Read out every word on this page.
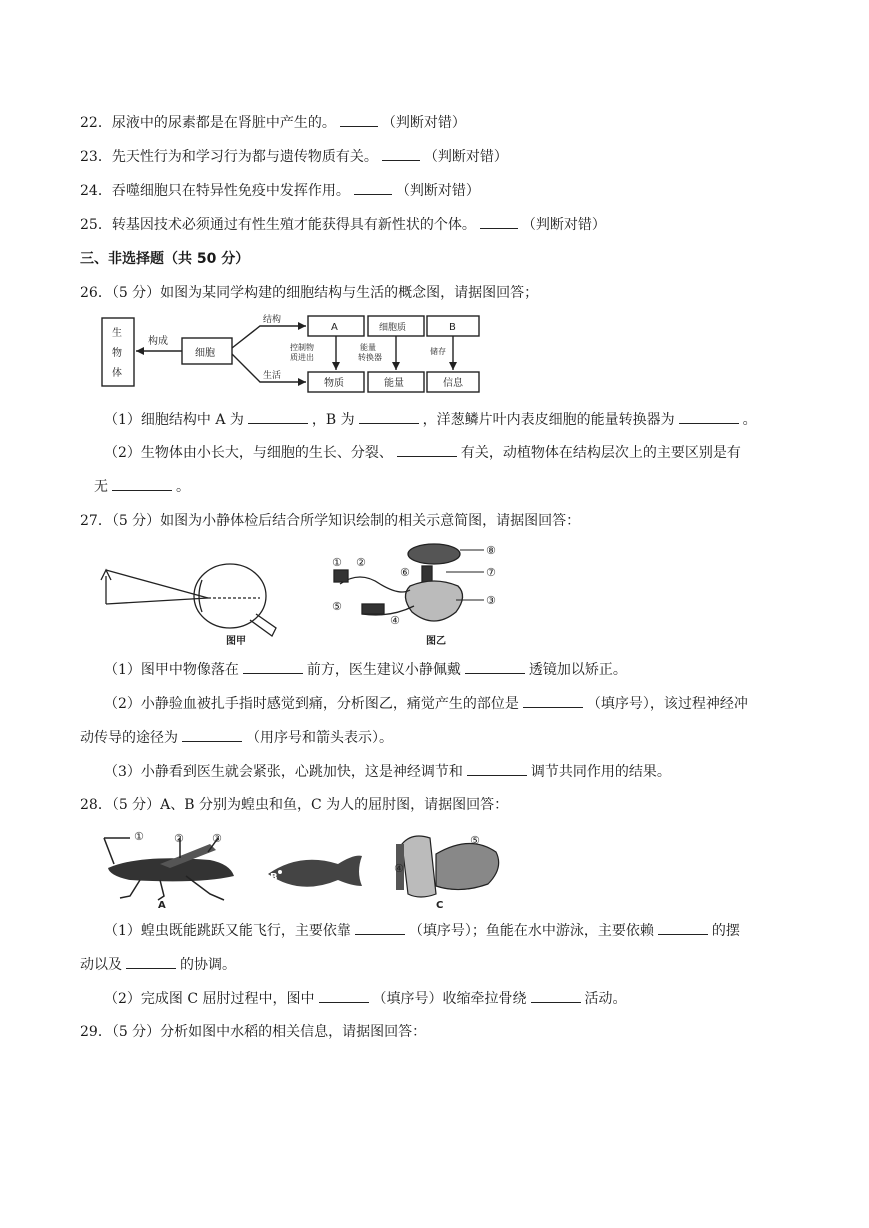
22．尿液中的尿素都是在肾脏中产生的。	（判断对错）
23．先天性行为和学习行为都与遗传物质有关。	（判断对错）
24．吞噬细胞只在特异性免疫中发挥作用。	（判断对错）
25．转基因技术必须通过有性生殖才能获得具有新性状的个体。	（判断对错）
三、非选择题（共 50 分）
26．（5 分）如图为某同学构建的细胞结构与生活的概念图，请据图回答；
生
物
体
构成
细胞
结构
生活
A	细胞质	B
控制物
质进出
能量
转换器
储存
物质	能量	信息
（1）细胞结构中 A 为	，B 为	，洋葱鳞片叶内表皮细胞的能量转换器为	。
（2）生物体由小长大，与细胞的生长、分裂、	有关，动植物体在结构层次上的主要区别是有
无	。
27．（5 分）如图为小静体检后结合所学知识绘制的相关示意简图，请据图回答：
图甲
① ②
③
④
⑤
⑥	⑦
⑧
图乙
（1）图甲中物像落在	前方，医生建议小静佩戴	透镜加以矫正。
（2）小静验血被扎手指时感觉到痛，分析图乙，痛觉产生的部位是	（填序号），该过程神经冲
动传导的途径为	（用序号和箭头表示）。
（3）小静看到医生就会紧张，心跳加快，这是神经调节和	调节共同作用的结果。
28．（5 分）A、B 分别为蝗虫和鱼，C 为人的屈肘图，请据图回答：
①	②	③
④
⑤
A
B
C
（1）蝗虫既能跳跃又能飞行，主要依靠	（填序号）；鱼能在水中游泳，主要依赖	的摆
动以及	的协调。
（2）完成图 C 屈肘过程中，图中	（填序号）收缩牵拉骨绕	活动。
29．（5 分）分析如图中水稻的相关信息，请据图回答：
